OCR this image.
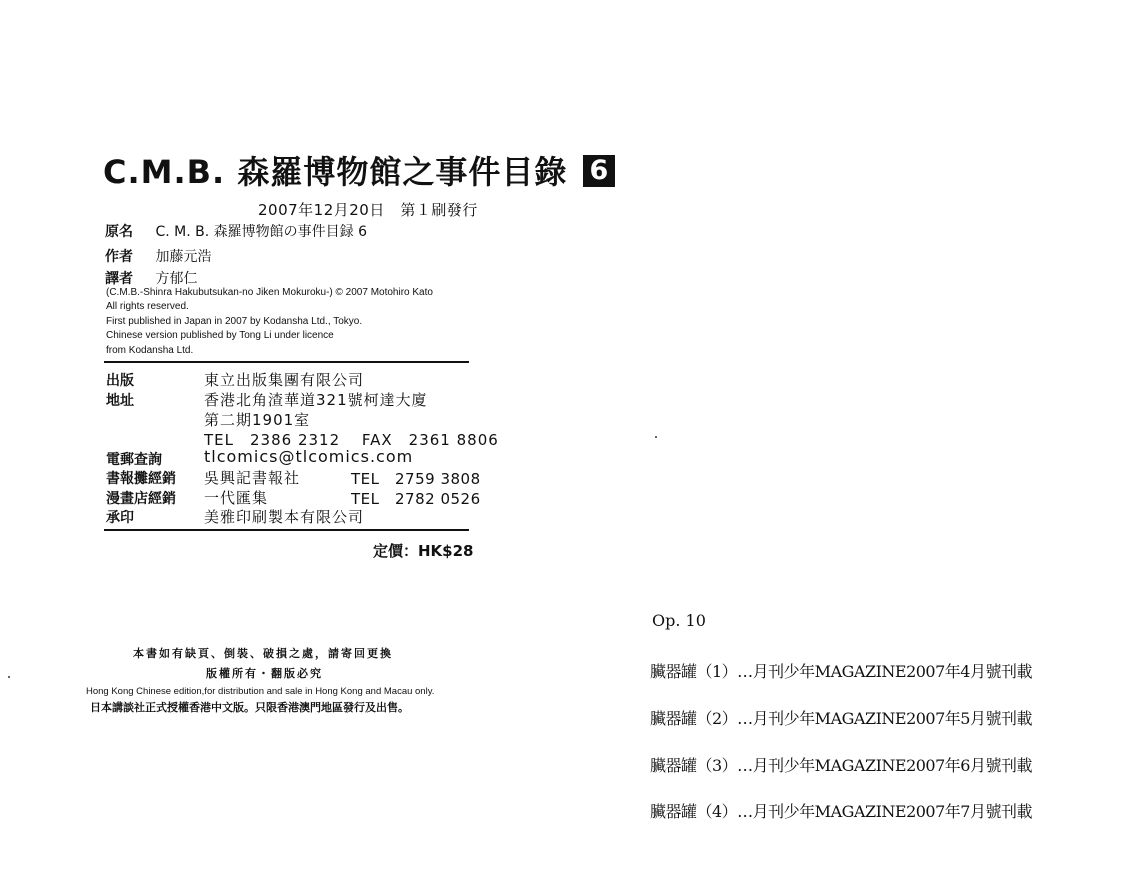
C.M.B. 森羅博物館之事件目錄 6
2007年12月20日　第１刷發行
原名 C. M. B. 森羅博物館の事件目録 6
作者 加藤元浩
譯者 方郁仁
(C.M.B.-Shinra Hakubutsukan-no Jiken Mokuroku-) © 2007 Motohiro Kato
All rights reserved.
First published in Japan in 2007 by Kodansha Ltd., Tokyo.
Chinese version published by Tong Li under licence
from Kodansha Ltd.
出版	東立出版集團有限公司
地址	香港北角渣華道321號柯達大廈
第二期1901室
TEL　2386 2312　 FAX　2361 8806
電郵查詢	tlcomics@tlcomics.com
書報攤經銷 吳興記書報社	TEL　2759 3808
漫畫店經銷 一代匯集	TEL　2782 0526
承印	美雅印刷製本有限公司
定價：HK$28
本書如有缺頁、倒裝、破損之處，請寄回更換
版權所有・翻版必究
Hong Kong Chinese edition,for distribution and sale in Hong Kong and Macau only.
日本講談社正式授權香港中文版。只限香港澳門地區發行及出售。
Op. 10
臟器罐（1）…月刊少年MAGAZINE2007年4月號刊載
臟器罐（2）…月刊少年MAGAZINE2007年5月號刊載
臟器罐（3）…月刊少年MAGAZINE2007年6月號刊載
臟器罐（4）…月刊少年MAGAZINE2007年7月號刊載
